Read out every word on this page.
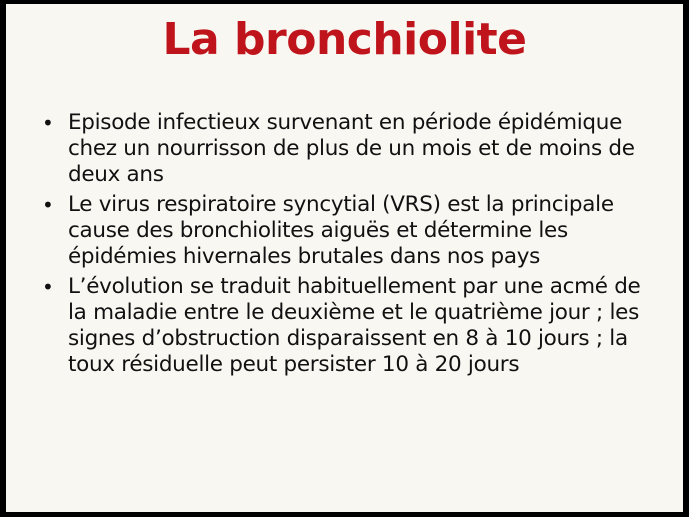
La bronchiolite
• Episode infectieux survenant en période épidémique chez un nourrisson de plus de un mois et de moins de deux ans
• Le virus respiratoire syncytial (VRS) est la principale cause des bronchiolites aiguës et détermine les épidémies hivernales brutales dans nos pays
• L’évolution se traduit habituellement par une acmé de la maladie entre le deuxième et le quatrième jour ; les signes d’obstruction disparaissent en 8 à 10 jours ; la toux résiduelle peut persister 10 à 20 jours
